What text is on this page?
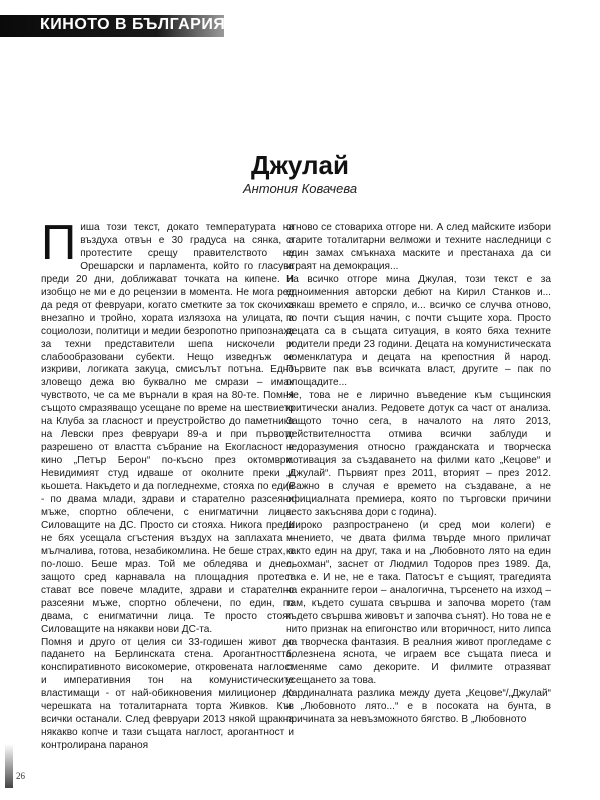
КИНОТО В БЪЛГАРИЯ
Джулай
Антония Ковачева

Пиша този текст, докато температурата на въздуха отвън е 30 градуса на сянка, а протестите срещу правителството на Орешарски и парламента, който го гласува преди 20 дни, доближават точката на кипене. И изобщо не ми е до рецензии в момента. Не мога ред да редя от февруари, когато сметките за ток скочиха внезапно и тройно, хората излязоха на улицата, а социолози, политици и медии безропотно припознаха за техни представители шепа нискочели и слабообразовани субекти. Нещо изведнъж се изкриви, логиката закуца, смисълът потъна. Едно зловещо дежа вю буквално ме смрази – имах чувството, че са ме върнали в края на 80-те. Помня същото смразяващо усещане по време на шествието на Клуба за гласност и преустройство до паметника на Левски през февруари 89-а и при първото разрешено от властта събрание на Екогласност в кино „Петър Берон“ по-късно през октомври. Невидимият студ идваше от околните преки и кьошета. Накъдето и да погледнехме, стояха по един - по двама млади, здрави и старателно разсеяни мъже, спортно облечени, с енигматични лица. Силоващите на ДС. Просто си стояха. Никога преди не бях усещала сгъстения въздух на заплахата – мълчалива, готова, незабикомлина. Не беше страх, а по-лошо. Беше мраз. Той ме обледява и днес, защото сред карнавала на площадния протест стават все повече младите, здрави и старателно разсеяни мъже, спортно облечени, по един, по двама, с енигматични лица. Те просто стоят. Силоващите на някакви нови ДС-та.

Помня и друго от целия си 33-годишен живот до падането на Берлинската стена. Арогантността, конспиративното високомерие, откровената наглост и императивния тон на комунистическите властимащи - от най-обикновения милиционер до черешката на тоталитарната торта Живков. Къв всички останали. След февруари 2013 някой щракна някакво копче и тази същата наглост, арогантност и контролирана параноя

отново се стовариха отгоре ни. А след майските избори старите тоталитарни велможи и техните наследници с един замах смъкнаха маските и престанаха да си играят на демокрация...

На всичко отгоре мина Джулая, този текст е за едноименния авторски дебют на Кирил Станков и... сякаш времето е спряло, и... всичко се случва отново, по почти същия начин, с почти същите хора. Просто децата са в същата ситуация, в която бяха техните родители преди 23 години. Децата на комунистическата номенклатура и децата на крепостния й народ. Първите пак във всичката власт, другите – пак по площадите...

Не, това не е лирично въведение към същинския критически анализ. Редовете дотук са част от анализа. Защото точно сега, в началото на лято 2013, действителността отмива всички заблуди и недоразумения относно гражданската и творческа мотивация за създаването на филми като „Кецове“ и „Джулай“. Първият през 2011, вторият – през 2012. (Важно в случая е времето на създаване, а не официалната премиера, която по търговски причини често закъснява дори с година).

Широко разпространено (и сред мои колеги) е мнението, че двата филма твърде много приличат както един на друг, така и на „Любовното лято на един льохман“, заснет от Людмил Тодоров през 1989. Да, така е. И не, не е така. Патосът е същият, трагедията на екранните герои – аналогична, търсенето на изход – там, където сушата свършва и започва морето (там където свършва живовът и започва сънят). Но това не е нито признак на епигонство или вторичност, нито липса на творческа фантазия. В реалния живот прогледаме с болезнена яснота, че играем все същата пиеса и сменяме само декорите. И филмите отразяват усещането за това.

Кардиналната разлика между дуета „Кецове“/„Джулай“ и „Любовното лято...“ е в посоката на бунта, в причината за невъзможното бягство. В „Любовното

26
